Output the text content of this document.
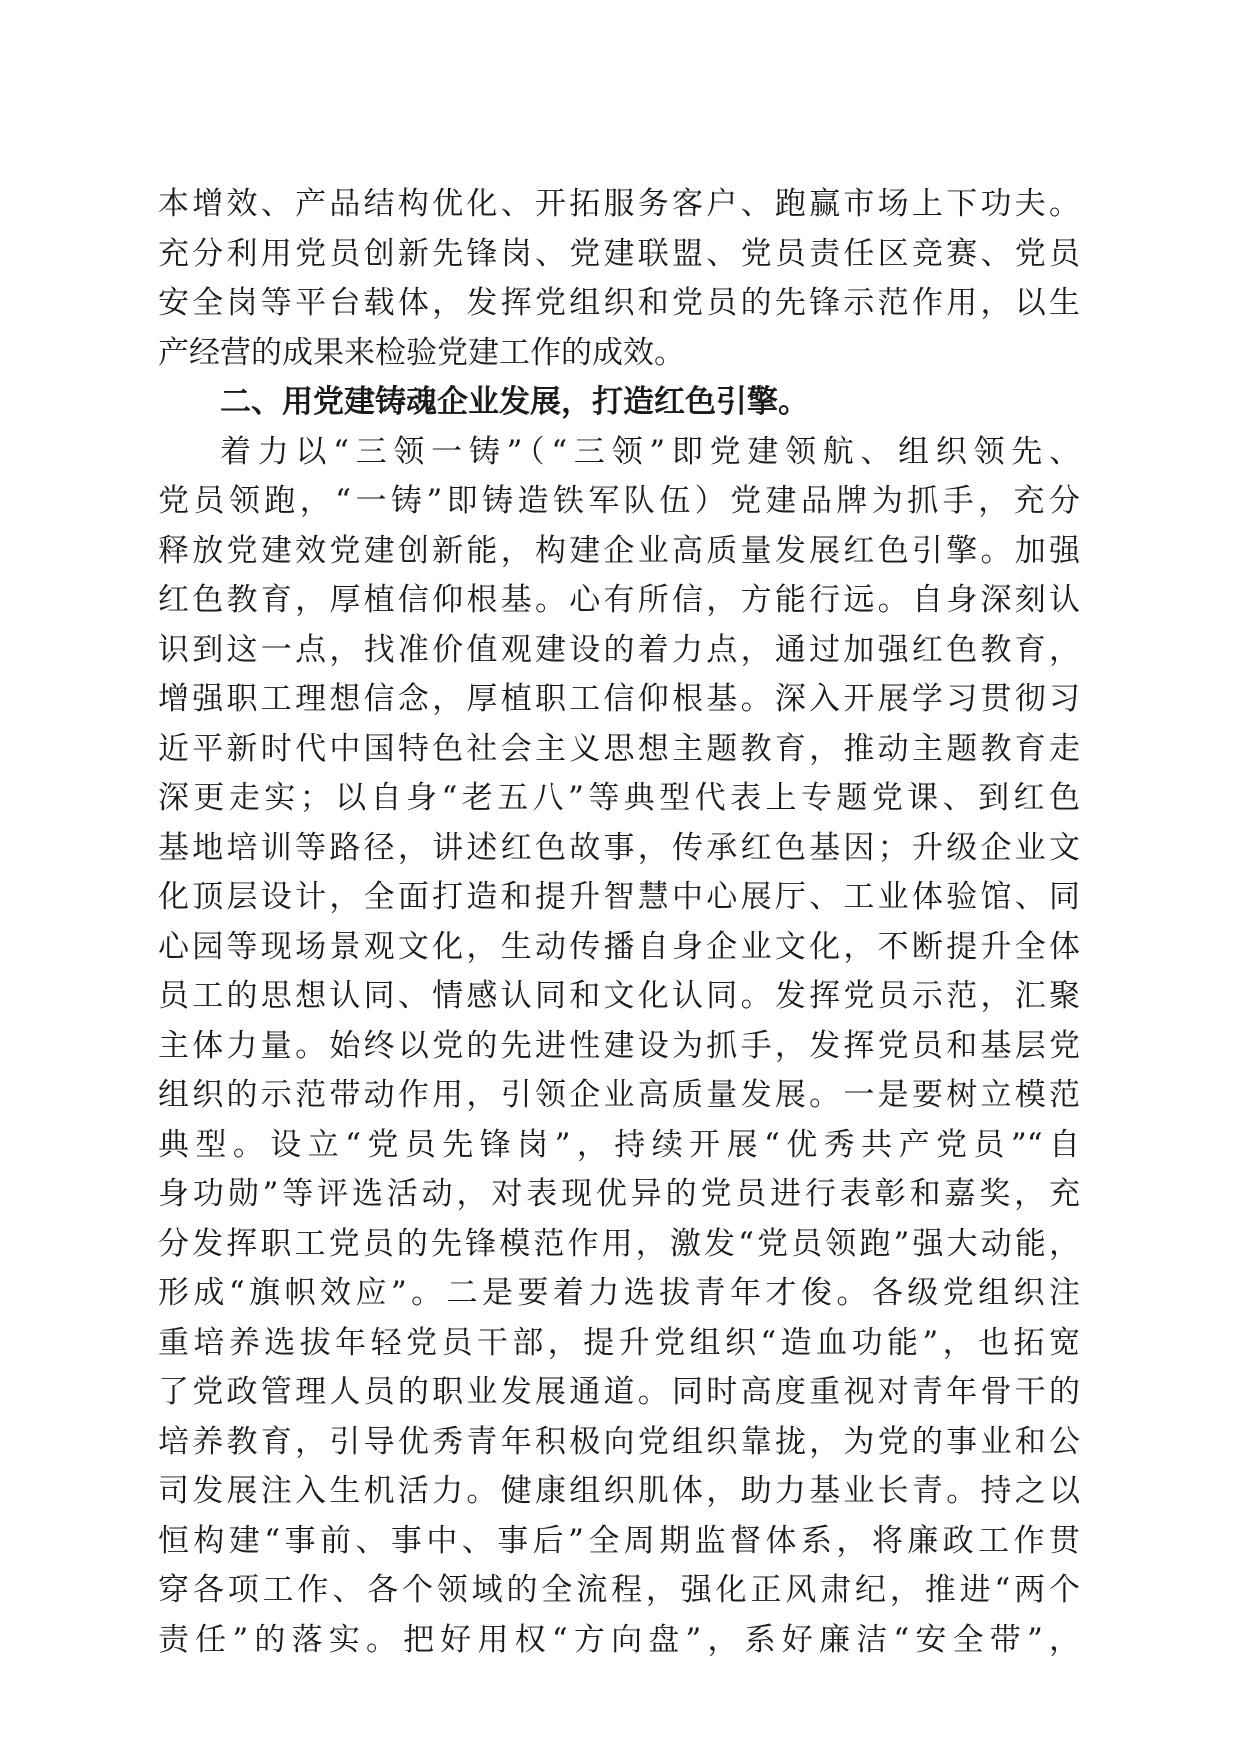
本增效、产品结构优化、开拓服务客户、跑赢市场上下功夫。
充分利用党员创新先锋岗、党建联盟、党员责任区竞赛、党员
安全岗等平台载体，发挥党组织和党员的先锋示范作用，以生
产经营的成果来检验党建工作的成效。
二、用党建铸魂企业发展，打造红色引擎。
着力以“三领一铸”（“三领”即党建领航、组织领先、
党员领跑，“一铸”即铸造铁军队伍）党建品牌为抓手，充分
释放党建效党建创新能，构建企业高质量发展红色引擎。加强
红色教育，厚植信仰根基。心有所信，方能行远。自身深刻认
识到这一点，找准价值观建设的着力点，通过加强红色教育，
增强职工理想信念，厚植职工信仰根基。深入开展学习贯彻习
近平新时代中国特色社会主义思想主题教育，推动主题教育走
深更走实；以自身“老五八”等典型代表上专题党课、到红色
基地培训等路径，讲述红色故事，传承红色基因；升级企业文
化顶层设计，全面打造和提升智慧中心展厅、工业体验馆、同
心园等现场景观文化，生动传播自身企业文化，不断提升全体
员工的思想认同、情感认同和文化认同。发挥党员示范，汇聚
主体力量。始终以党的先进性建设为抓手，发挥党员和基层党
组织的示范带动作用，引领企业高质量发展。一是要树立模范
典型。设立“党员先锋岗”，持续开展“优秀共产党员”“自
身功勋”等评选活动，对表现优异的党员进行表彰和嘉奖，充
分发挥职工党员的先锋模范作用，激发“党员领跑”强大动能，
形成“旗帜效应”。二是要着力选拔青年才俊。各级党组织注
重培养选拔年轻党员干部，提升党组织“造血功能”，也拓宽
了党政管理人员的职业发展通道。同时高度重视对青年骨干的
培养教育，引导优秀青年积极向党组织靠拢，为党的事业和公
司发展注入生机活力。健康组织肌体，助力基业长青。持之以
恒构建“事前、事中、事后”全周期监督体系，将廉政工作贯
穿各项工作、各个领域的全流程，强化正风肃纪，推进“两个
责任”的落实。把好用权“方向盘”，系好廉洁“安全带”，
